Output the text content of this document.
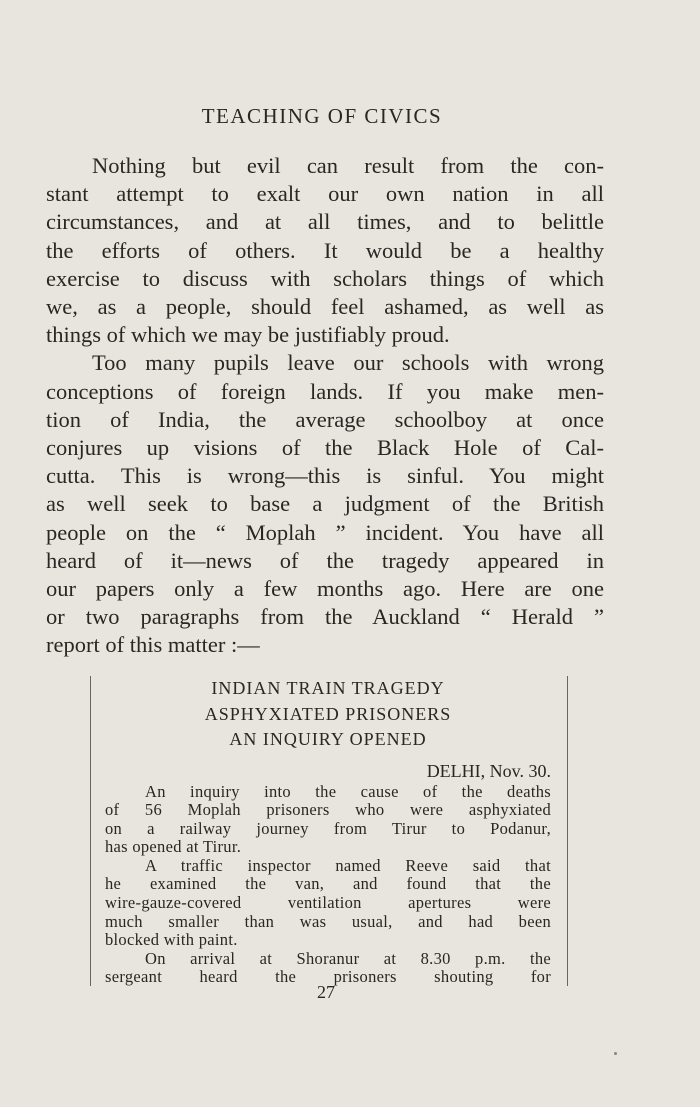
TEACHING OF CIVICS
Nothing but evil can result from the con-
stant attempt to exalt our own nation in all
circumstances, and at all times, and to belittle
the efforts of others. It would be a healthy
exercise to discuss with scholars things of which
we, as a people, should feel ashamed, as well as
things of which we may be justifiably proud.
Too many pupils leave our schools with wrong
conceptions of foreign lands. If you make men-
tion of India, the average schoolboy at once
conjures up visions of the Black Hole of Cal-
cutta. This is wrong—this is sinful. You might
as well seek to base a judgment of the British
people on the “ Moplah ” incident. You have all
heard of it—news of the tragedy appeared in
our papers only a few months ago. Here are one
or two paragraphs from the Auckland “ Herald ”
report of this matter :—
INDIAN TRAIN TRAGEDY
ASPHYXIATED PRISONERS
AN INQUIRY OPENED
DELHI, Nov. 30.
An inquiry into the cause of the deaths
of 56 Moplah prisoners who were asphyxiated
on a railway journey from Tirur to Podanur,
has opened at Tirur.
A traffic inspector named Reeve said that
he examined the van, and found that the
wire-gauze-covered ventilation apertures were
much smaller than was usual, and had been
blocked with paint.
On arrival at Shoranur at 8.30 p.m. the
sergeant heard the prisoners shouting for
27
